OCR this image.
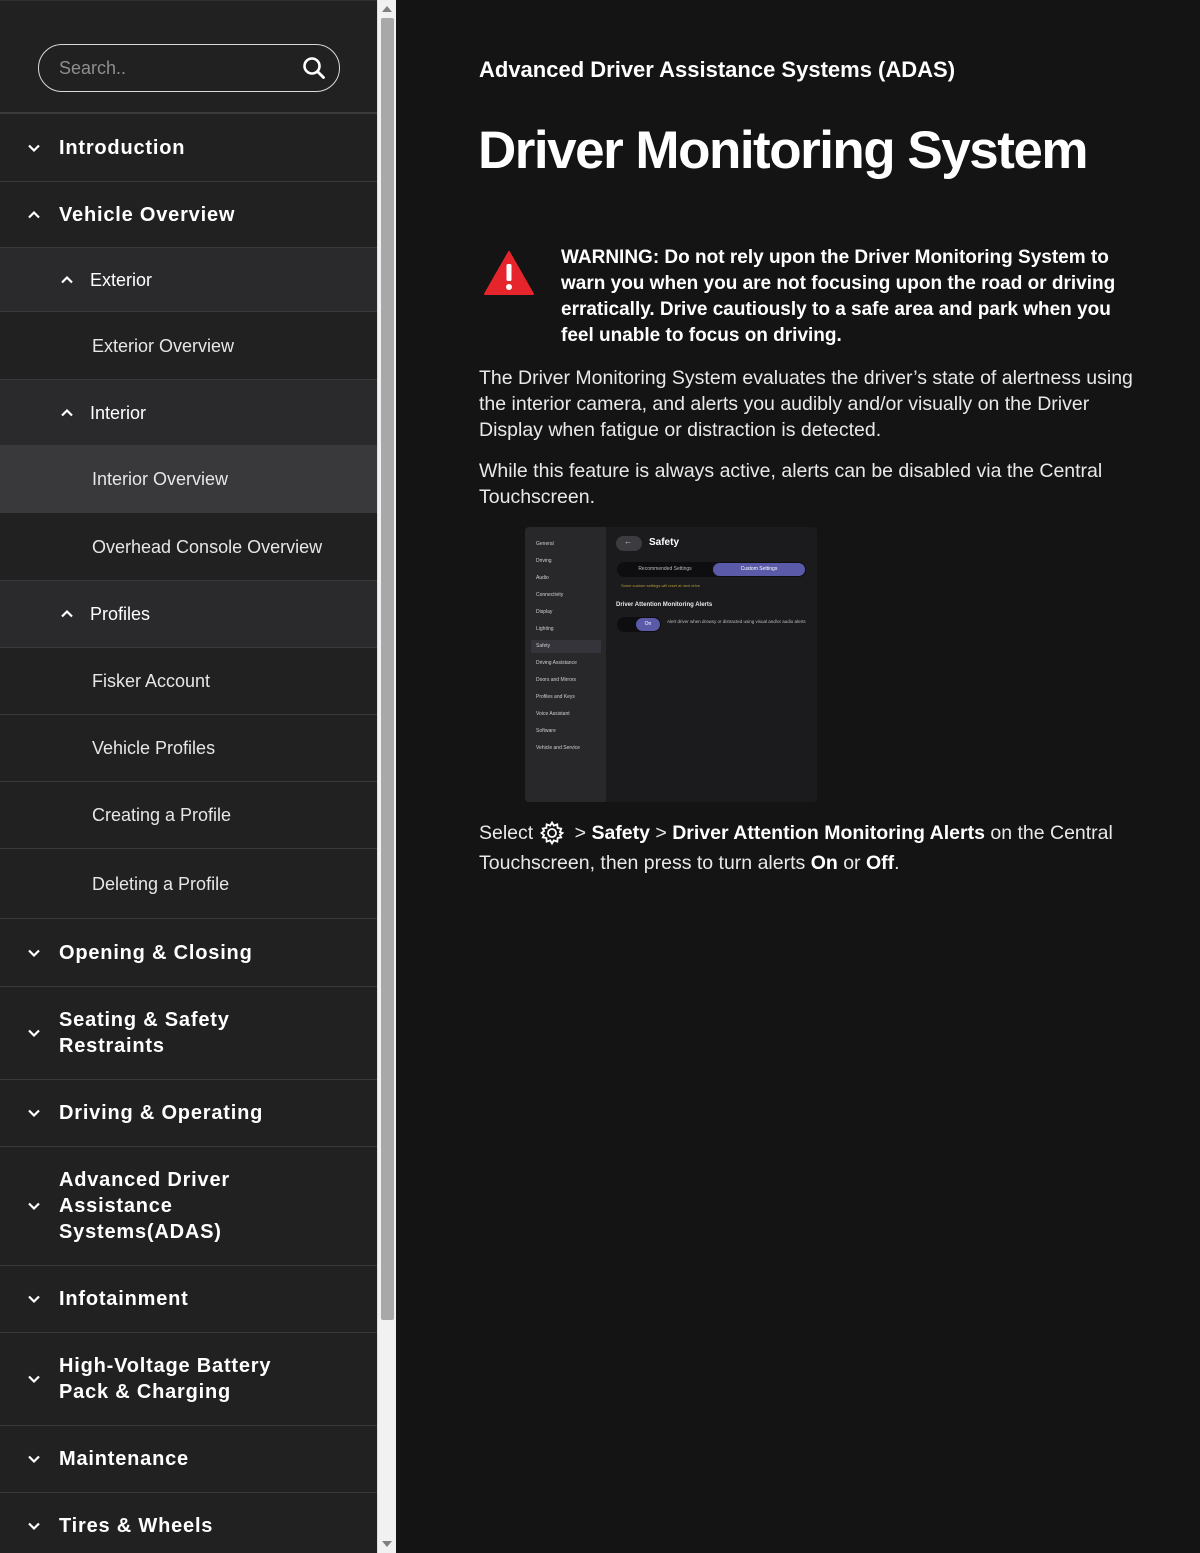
Search..
Introduction
Vehicle Overview
Exterior
Exterior Overview
Interior
Interior Overview
Overhead Console Overview
Profiles
Fisker Account
Vehicle Profiles
Creating a Profile
Deleting a Profile
Opening & Closing
Seating & Safety Restraints
Driving & Operating
Advanced Driver Assistance Systems(ADAS)
Infotainment
High-Voltage Battery Pack & Charging
Maintenance
Tires & Wheels
Advanced Driver Assistance Systems (ADAS)
Driver Monitoring System
WARNING: Do not rely upon the Driver Monitoring System to warn you when you are not focusing upon the road or driving erratically. Drive cautiously to a safe area and park when you feel unable to focus on driving.

The Driver Monitoring System evaluates the driver’s state of alertness using the interior camera, and alerts you audibly and/or visually on the Driver Display when fatigue or distraction is detected.

While this feature is always active, alerts can be disabled via the Central Touchscreen.

General
Driving
Audio
Connectivity
Display
Lighting
Safety
Driving Assistance
Doors and Mirrors
Profiles and Keys
Voice Assistant
Software
Vehicle and Service
← Safety
Recommended Settings	Custom Settings
Some custom settings will reset at next drive
Driver Attention Monitoring Alerts
On	Alert driver when drowsy or distracted using visual and/or audio alerts
Select > Safety > Driver Attention Monitoring Alerts on the Central Touchscreen, then press to turn alerts On or Off.
